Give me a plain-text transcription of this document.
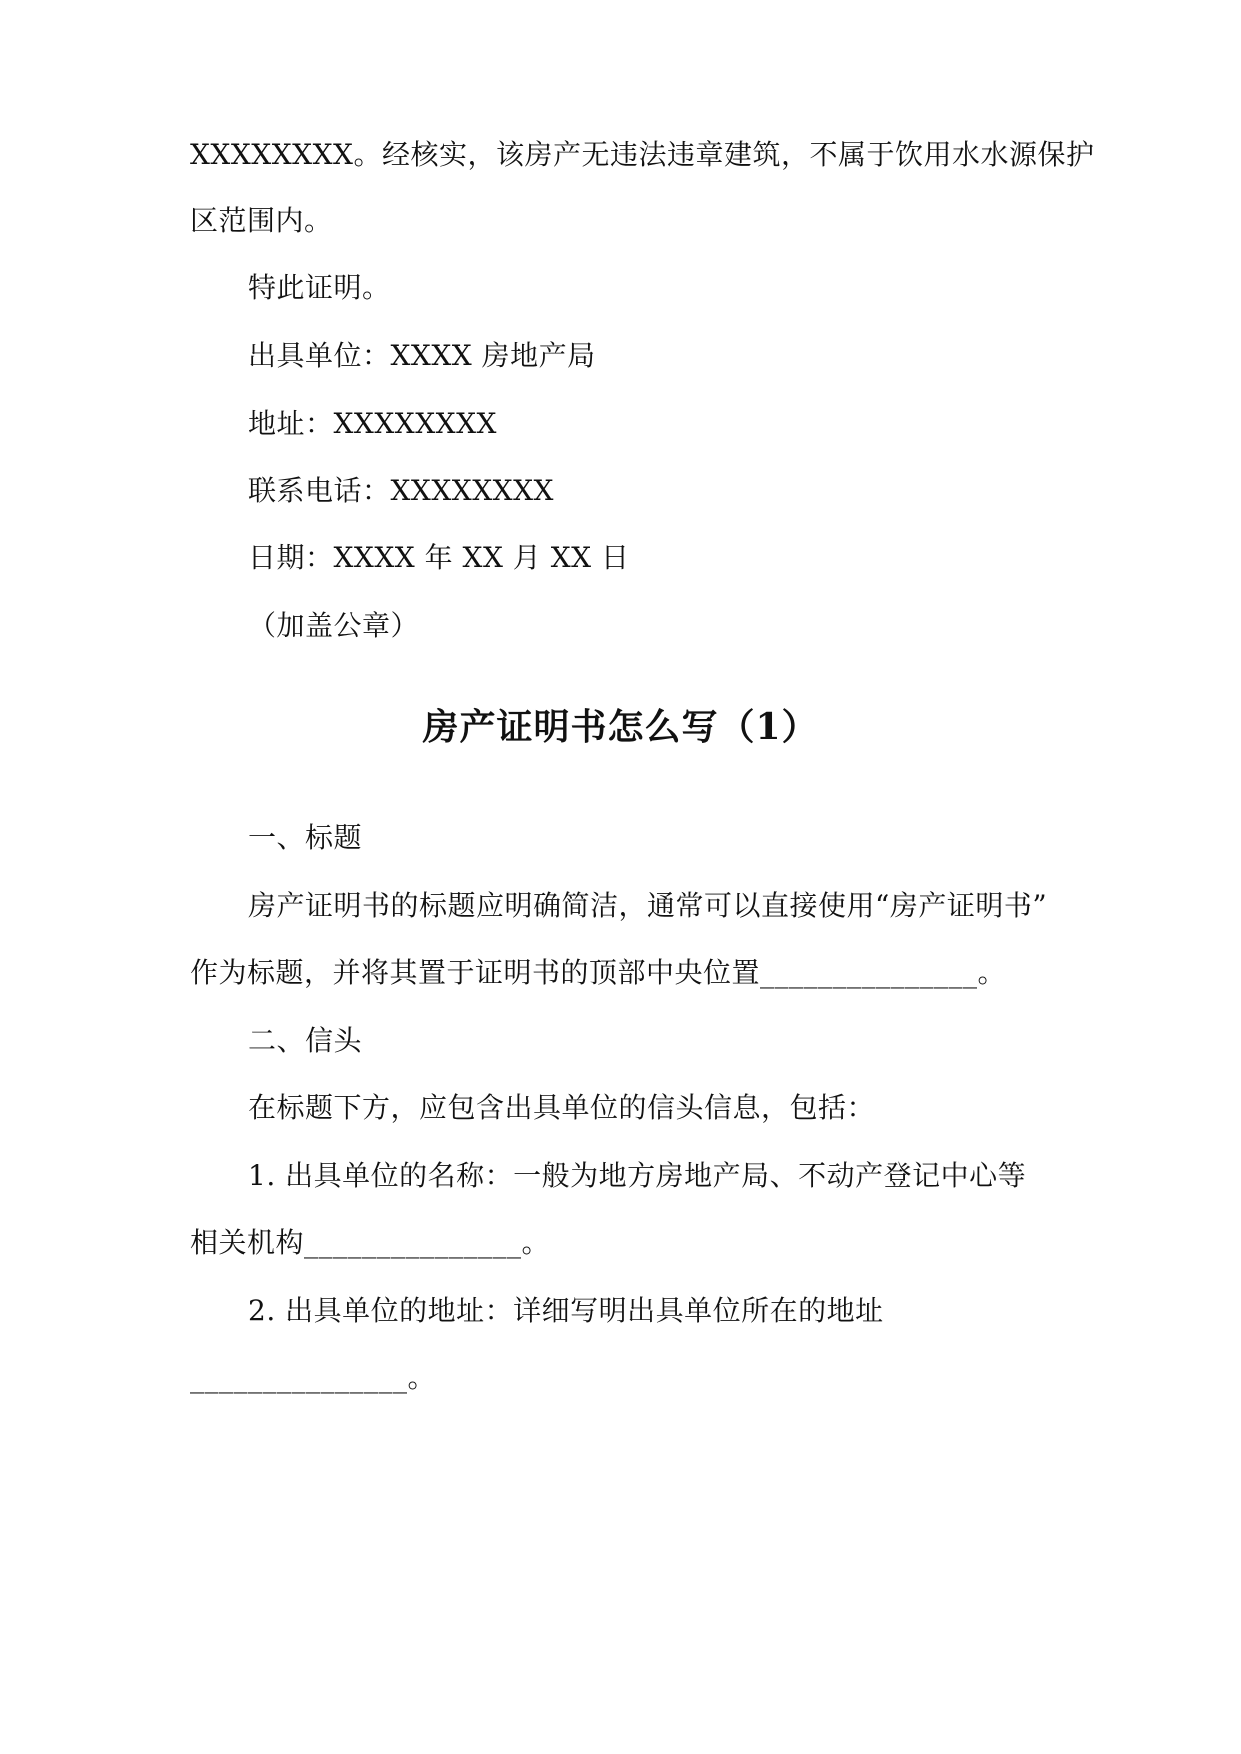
XXXXXXXX。经核实，该房产无违法违章建筑，不属于饮用水水源保护
区范围内。
特此证明。
出具单位：XXXX 房地产局
地址：XXXXXXXX
联系电话：XXXXXXXX
日期：XXXX 年 XX 月 XX 日
（加盖公章）
房产证明书怎么写（1）
一、标题
房产证明书的标题应明确简洁，通常可以直接使用“房产证明书”
作为标题，并将其置于证明书的顶部中央位置_______________。
二、信头
在标题下方，应包含出具单位的信头信息，包括：
1. 出具单位的名称：一般为地方房地产局、不动产登记中心等
相关机构_______________。
2. 出具单位的地址：详细写明出具单位所在的地址
_______________。
